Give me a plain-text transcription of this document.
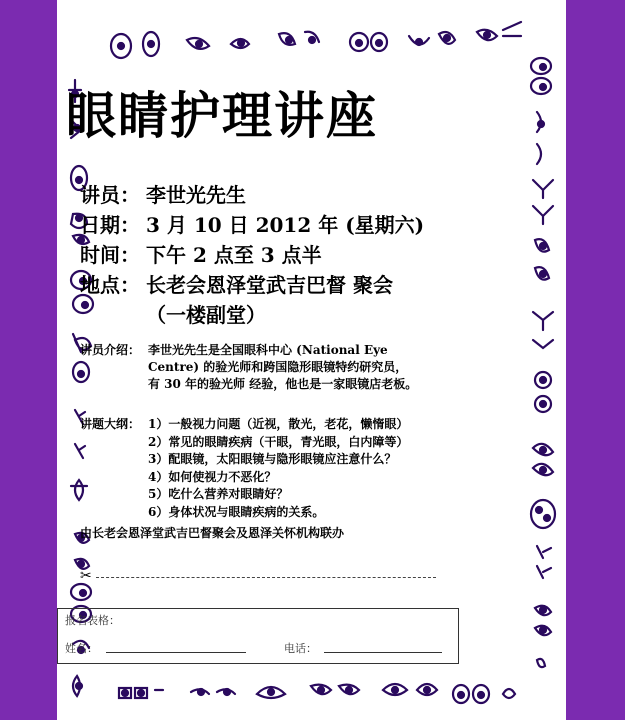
眼睛护理讲座
讲员： 李世光先生
日期： 3 月 10 日 2012 年 (星期六)
时间： 下午 2 点至 3 点半
地点： 长老会恩泽堂武吉巴督 聚会
（一楼副堂）
讲员介绍： 李世光先生是全国眼科中心 (National Eye
Centre) 的验光师和跨国隐形眼镜特约研究员，
有 30 年的验光师 经验，他也是一家眼镜店老板。
讲题大纲： 1）一般视力问题（近视，散光，老花，懒惰眼）
2）常见的眼睛疾病（干眼，青光眼，白内障等）
3）配眼镜，太阳眼镜与隐形眼镜应注意什么？
4）如何使视力不恶化？
5）吃什么营养对眼睛好？
6）身体状况与眼睛疾病的关系。
由长老会恩泽堂武吉巴督聚会及恩泽关怀机构联办
✂
报名表格：
姓名：	电话：
